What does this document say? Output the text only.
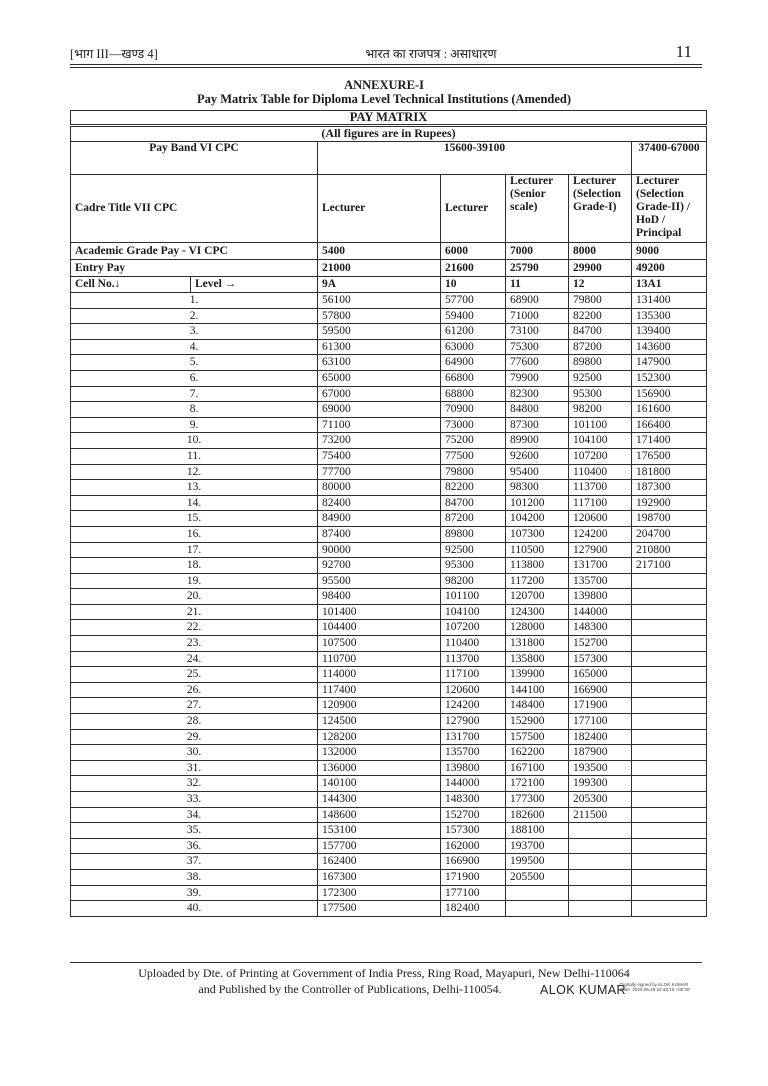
[भाग III—खण्ड 4]	भारत का राजपत्र : असाधारण	11
ANNEXURE-I
Pay Matrix Table for Diploma Level Technical Institutions (Amended)
PAY MATRIX						
(All figures are in Rupees)						
Pay Band VI CPC		15600-39100				37400-67000
Cadre Title VII CPC		Lecturer	Lecturer	Lecturer (Senior scale)	Lecturer (Selection Grade-I)	Lecturer (Selection Grade-II) / HoD / Principal
Academic Grade Pay - VI CPC		5400	6000	7000	8000	9000
Entry Pay		21000	21600	25790	29900	49200
Cell No.↓	Level →	9A	10	11	12	13A1
1.		56100	57700	68900	79800	131400
2.		57800	59400	71000	82200	135300
3.		59500	61200	73100	84700	139400
4.		61300	63000	75300	87200	143600
5.		63100	64900	77600	89800	147900
6.		65000	66800	79900	92500	152300
7.		67000	68800	82300	95300	156900
8.		69000	70900	84800	98200	161600
9.		71100	73000	87300	101100	166400
10.		73200	75200	89900	104100	171400
11.		75400	77500	92600	107200	176500
12.		77700	79800	95400	110400	181800
13.		80000	82200	98300	113700	187300
14.		82400	84700	101200	117100	192900
15.		84900	87200	104200	120600	198700
16.		87400	89800	107300	124200	204700
17.		90000	92500	110500	127900	210800
18.		92700	95300	113800	131700	217100
19.		95500	98200	117200	135700	
20.		98400	101100	120700	139800	
21.		101400	104100	124300	144000	
22.		104400	107200	128000	148300	
23.		107500	110400	131800	152700	
24.		110700	113700	135800	157300	
25.		114000	117100	139900	165000	
26.		117400	120600	144100	166900	
27.		120900	124200	148400	171900	
28.		124500	127900	152900	177100	
29.		128200	131700	157500	182400	
30.		132000	135700	162200	187900	
31.		136000	139800	167100	193500	
32.		140100	144000	172100	199300	
33.		144300	148300	177300	205300	
34.		148600	152700	182600	211500	
35.		153100	157300	188100		
36.		157700	162000	193700		
37.		162400	166900	199500		
38.		167300	171900	205500		
39.		172300	177100			
40.		177500	182400			
Uploaded by Dte. of Printing at Government of India Press, Ring Road, Mayapuri, New Delhi-110064
and Published by the Controller of Publications, Delhi-110054.	ALOK KUMAR
Digitally signed by ALOK KUMAR
Date: 2020.05.29 22:46:15 +05'30'
